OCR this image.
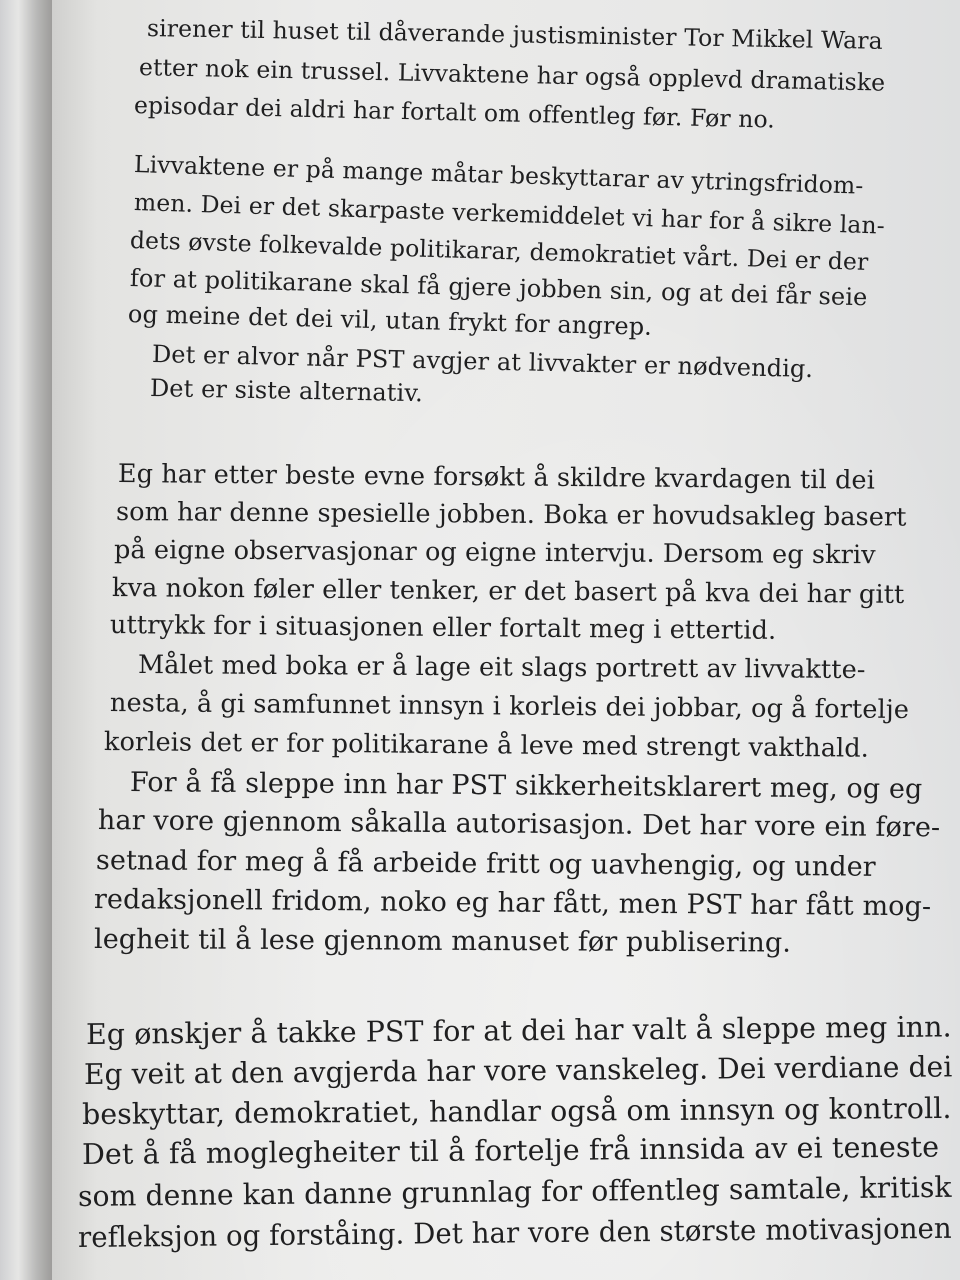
sirener til huset til dåverande justisminister Tor Mikkel Wara
etter nok ein trussel. Livvaktene har også opplevd dramatiske
episodar dei aldri har fortalt om offentleg før. Før no.
Livvaktene er på mange måtar beskyttarar av ytringsfridom-
men. Dei er det skarpaste verkemiddelet vi har for å sikre lan-
dets øvste folkevalde politikarar, demokratiet vårt. Dei er der
for at politikarane skal få gjere jobben sin, og at dei får seie
og meine det dei vil, utan frykt for angrep.
Det er alvor når PST avgjer at livvakter er nødvendig.
Det er siste alternativ.
Eg har etter beste evne forsøkt å skildre kvardagen til dei
som har denne spesielle jobben. Boka er hovudsakleg basert
på eigne observasjonar og eigne intervju. Dersom eg skriv
kva nokon føler eller tenker, er det basert på kva dei har gitt
uttrykk for i situasjonen eller fortalt meg i ettertid.
Målet med boka er å lage eit slags portrett av livvaktte-
nesta, å gi samfunnet innsyn i korleis dei jobbar, og å fortelje
korleis det er for politikarane å leve med strengt vakthald.
For å få sleppe inn har PST sikkerheitsklarert meg, og eg
har vore gjennom såkalla autorisasjon. Det har vore ein føre-
setnad for meg å få arbeide fritt og uavhengig, og under
redaksjonell fridom, noko eg har fått, men PST har fått mog-
legheit til å lese gjennom manuset før publisering.
Eg ønskjer å takke PST for at dei har valt å sleppe meg inn.
Eg veit at den avgjerda har vore vanskeleg. Dei verdiane dei
beskyttar, demokratiet, handlar også om innsyn og kontroll.
Det å få moglegheiter til å fortelje frå innsida av ei teneste
som denne kan danne grunnlag for offentleg samtale, kritisk
refleksjon og forståing. Det har vore den største motivasjonen
